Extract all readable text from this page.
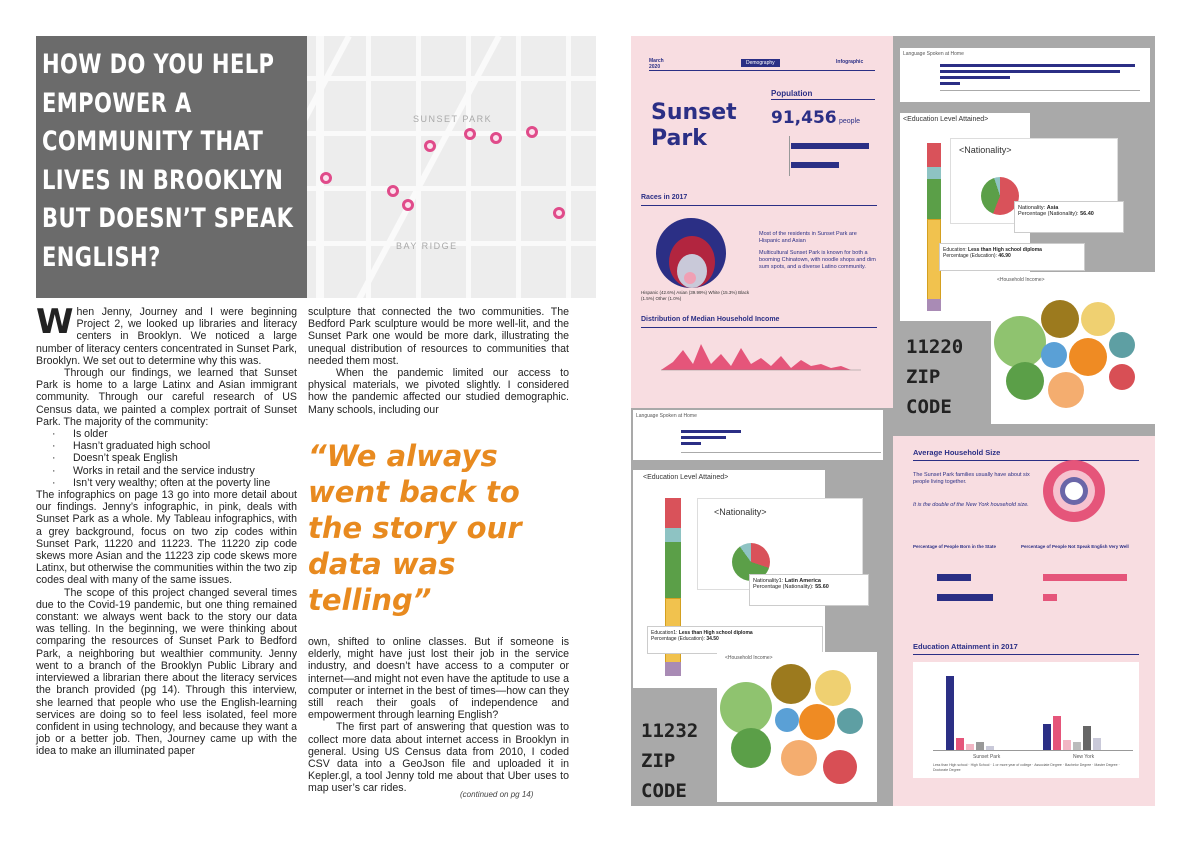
SUNSET PARK
BAY RIDGE
HOW DO YOU HELP EMPOWER A COMMUNITY THAT LIVES IN BROOKLYN BUT DOESN’T SPEAK ENGLISH?

When Jenny, Journey and I were beginning Project 2, we looked up libraries and literacy centers in Brooklyn. We noticed a large number of literacy centers concentrated in Sunset Park, Brooklyn. We set out to determine why this was.

Through our findings, we learned that Sunset Park is home to a large Latinx and Asian immigrant community. Through our careful research of US Census data, we painted a complex portrait of Sunset Park. The majority of the community:

· Is older
· Hasn’t graduated high school
· Doesn’t speak English
· Works in retail and the service industry
· Isn’t very wealthy; often at the poverty line

The infographics on page 13 go into more detail about our findings. Jenny’s infographic, in pink, deals with Sunset Park as a whole. My Tableau infographics, with a grey background, focus on two zip codes within Sunset Park, 11220 and 11223. The 11220 zip code skews more Asian and the 11223 zip code skews more Latinx, but otherwise the communities within the two zip codes deal with many of the same issues.

The scope of this project changed several times due to the Covid-19 pandemic, but one thing remained constant: we always went back to the story our data was telling. In the beginning, we were thinking about comparing the resources of Sunset Park to Bedford Park, a neighboring but wealthier community. Jenny went to a branch of the Brooklyn Public Library and interviewed a librarian there about the literacy services the branch provided (pg 14). Through this interview, she learned that people who use the English-learning services are doing so to feel less isolated, feel more confident in using technology, and because they want a job or a better job. Then, Journey came up with the idea to make an illuminated paper

sculpture that connected the two communities. The Bedford Park sculpture would be more well-lit, and the Sunset Park one would be more dark, illustrating the unequal distribution of resources to communities that needed them most.

When the pandemic limited our access to physical materials, we pivoted slightly. I considered how the pandemic affected our studied demographic. Many schools, including our

“We always went back to the story our data was telling”

own, shifted to online classes. But if someone is elderly, might have just lost their job in the service industry, and doesn’t have access to a computer or internet—and might not even have the aptitude to use a computer or internet in the best of times—how can they still reach their goals of independence and empowerment through learning English?

The first part of answering that question was to collect more data about internet access in Brooklyn in general. Using US Census data from 2010, I coded CSV data into a GeoJson file and uploaded it in Kepler.gl, a tool Jenny told me about that Uber uses to map user’s car rides.

(continued on pg 14)
March 2020
Demography	Infographic
Sunset Park
Population
91,456 people
Races in 2017
Hispanic (42.6%) Asian (39.99%) White (15.3%) Black (1.5%) Other (1.0%)
Most of the residents in Sunset Park are Hispanic and Asian
Multicultural Sunset Park is known for both a booming Chinatown, with noodle shops and dim sum spots, and a diverse Latino community.
Distribution of Median Household Income
Language Spoken at Home
<Education Level Attained>
<Nationality>
Nationality: Asia
Percentage (Nationality): 56.40
Education: Less than High school diploma
Percentage (Education): 46.90
<Household Income>
11220 ZIP CODE
Language Spoken at Home
<Education Level Attained>
<Nationality>
Nationality1: Latin America
Percentage (Nationality): 55.60
Education1: Less than High school diploma
Percentage (Education): 34.50
<Household Income>
11232 ZIP CODE
Average Household Size
The Sunset Park families usually have about six people living together.
It is the double of the New York household size.
Percentage of People Born in the State	Percentage of People Not Speak English Very Well
Education Attainment in 2017
Sunset Park	New York
Less than High school · High School · 1 or more year of college · Associate Degree · Bachelor Degree · Master Degree · Doctorate Degree
